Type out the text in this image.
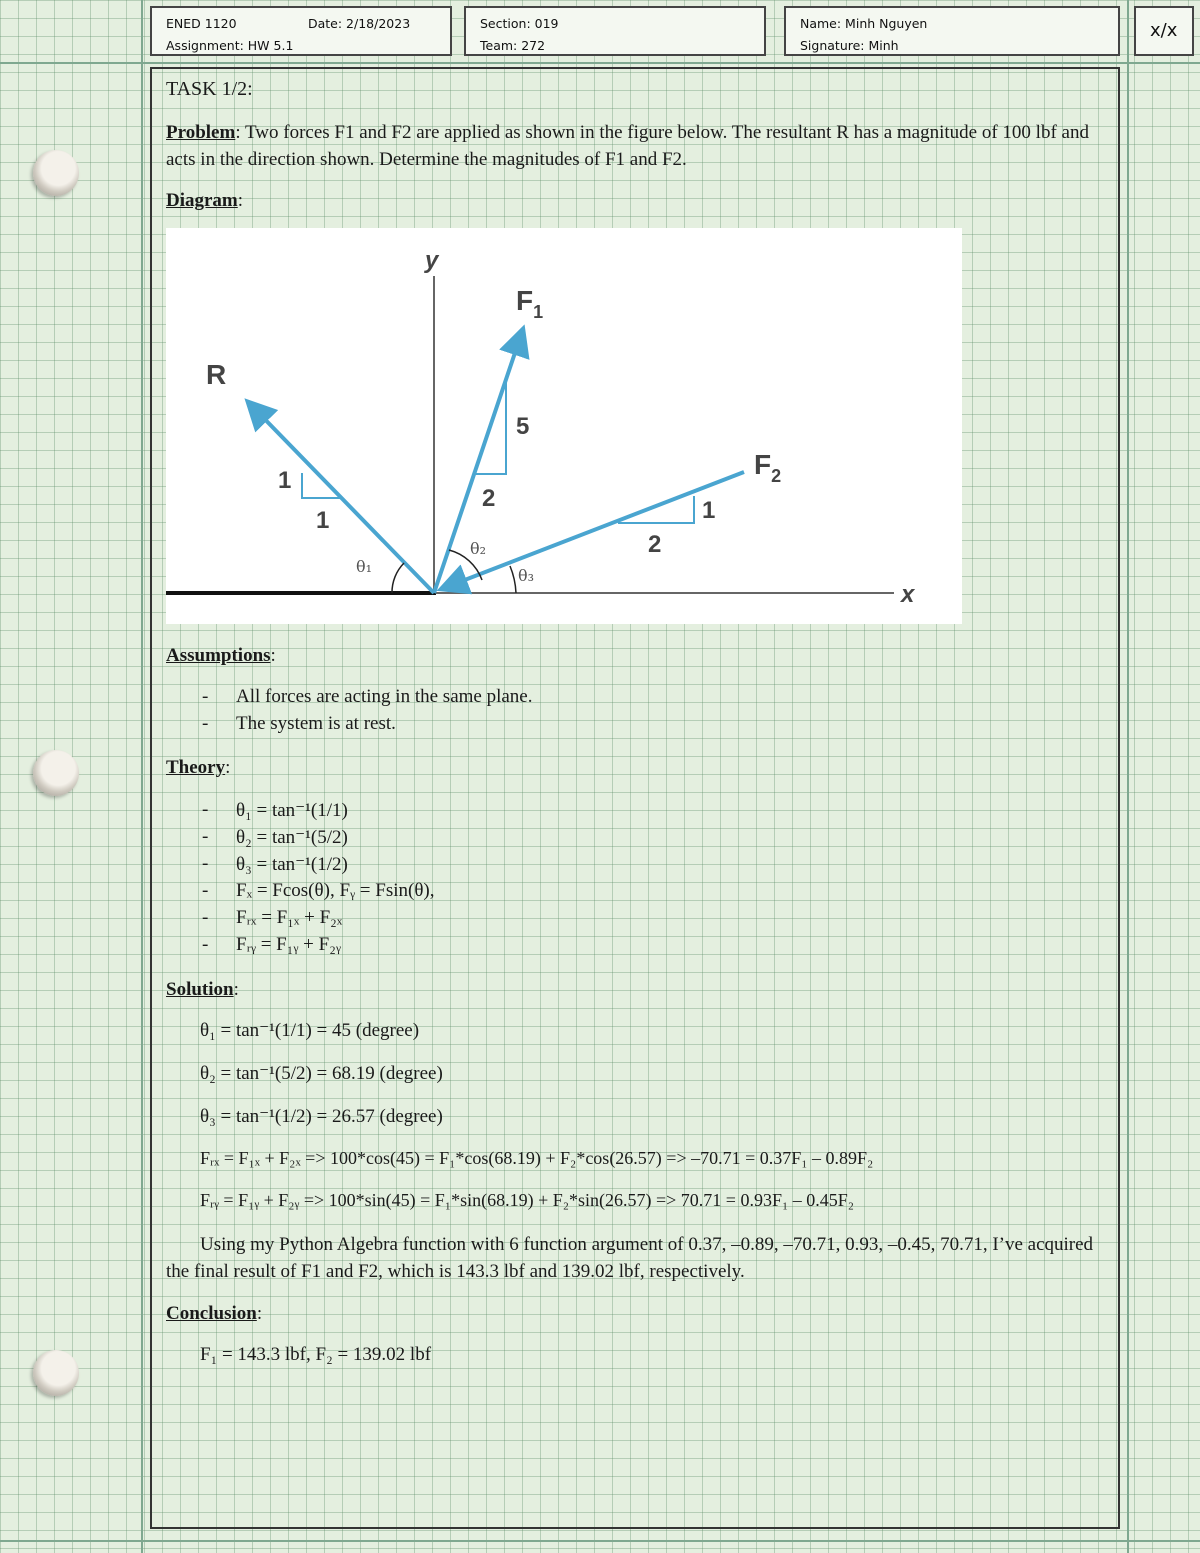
ENED 1120	Date: 2/18/2023
Assignment: HW 5.1
Section: 019
Team: 272
Name: Minh Nguyen
Signature: Minh
x/x
TASK 1/2:
Problem: Two forces F1 and F2 are applied as shown in the figure below. The resultant R has a magnitude of 100 lbf and acts in the direction shown. Determine the magnitudes of F1 and F2.
Diagram:
x
y
R
1
1
$F_1$
5
2
$F_2$
1
2
θ₁
θ₂
θ₃
Assumptions:
- All forces are acting in the same plane.
- The system is at rest.
Theory:
- θ₁ = tan⁻¹(1/1)
- θ₂ = tan⁻¹(5/2)
- θ₃ = tan⁻¹(1/2)
- Fₓ = Fcos(θ), Fᵧ = Fsin(θ),
- Fᵣₓ = F₁ₓ + F₂ₓ
- Fᵣᵧ = F₁ᵧ + F₂ᵧ
Solution:
θ₁ = tan⁻¹(1/1) = 45 (degree)
θ₂ = tan⁻¹(5/2) = 68.19 (degree)
θ₃ = tan⁻¹(1/2) = 26.57 (degree)
Fᵣₓ = F₁ₓ + F₂ₓ => 100*cos(45) = F₁*cos(68.19) + F₂*cos(26.57) => –70.71 = 0.37F₁ – 0.89F₂
Fᵣᵧ = F₁ᵧ + F₂ᵧ => 100*sin(45) = F₁*sin(68.19) + F₂*sin(26.57) => 70.71 = 0.93F₁ – 0.45F₂
Using my Python Algebra function with 6 function argument of 0.37, –0.89, –70.71, 0.93, –0.45, 70.71, I’ve acquired the final result of F1 and F2, which is 143.3 lbf and 139.02 lbf, respectively.
Conclusion:
F₁ = 143.3 lbf, F₂ = 139.02 lbf
